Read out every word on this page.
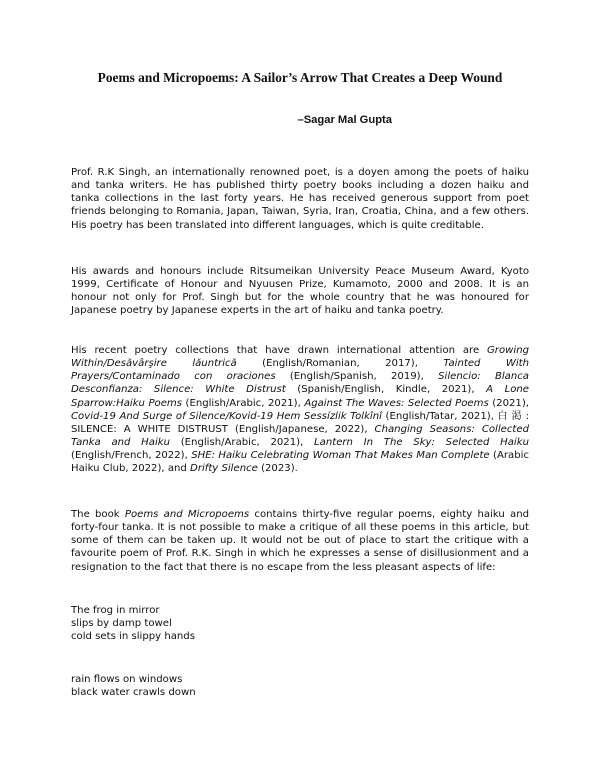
Poems and Micropoems: A Sailor’s Arrow That Creates a Deep Wound
–Sagar Mal Gupta
Prof. R.K Singh, an internationally renowned poet, is a doyen among the poets of haiku and tanka writers. He has published thirty poetry books including a dozen haiku and tanka collections in the last forty years. He has received generous support from poet friends belonging to Romania, Japan, Taiwan, Syria, Iran, Croatia, China, and a few others. His poetry has been translated into different languages, which is quite creditable.
His awards and honours include Ritsumeikan University Peace Museum Award, Kyoto 1999, Certificate of Honour and Nyuusen Prize, Kumamoto, 2000 and 2008. It is an honour not only for Prof. Singh but for the whole country that he was honoured for Japanese poetry by Japanese experts in the art of haiku and tanka poetry.
His recent poetry collections that have drawn international attention are Growing Within/Desăvârşire lăuntrică (English/Romanian, 2017), Tainted With Prayers/Contaminado con oraciones (English/Spanish, 2019), Silencio: Blanca Desconfianza: Silence: White Distrust (Spanish/English, Kindle, 2021), A Lone Sparrow:Haiku Poems (English/Arabic, 2021), Against The Waves: Selected Poems (2021), Covid-19 And Surge of Silence/Kovid-19 Hem Sessízlik Tolkînî (English/Tatar, 2021), 白 渇 : SILENCE: A WHITE DISTRUST (English/Japanese, 2022), Changing Seasons: Collected Tanka and Haiku (English/Arabic, 2021), Lantern In The Sky: Selected Haiku (English/French, 2022), SHE: Haiku Celebrating Woman That Makes Man Complete (Arabic Haiku Club, 2022), and Drifty Silence (2023).
The book Poems and Micropoems contains thirty-five regular poems, eighty haiku and forty-four tanka. It is not possible to make a critique of all these poems in this article, but some of them can be taken up. It would not be out of place to start the critique with a favourite poem of Prof. R.K. Singh in which he expresses a sense of disillusionment and a resignation to the fact that there is no escape from the less pleasant aspects of life:
The frog in mirror
slips by damp towel
cold sets in slippy hands
rain flows on windows
black water crawls down
